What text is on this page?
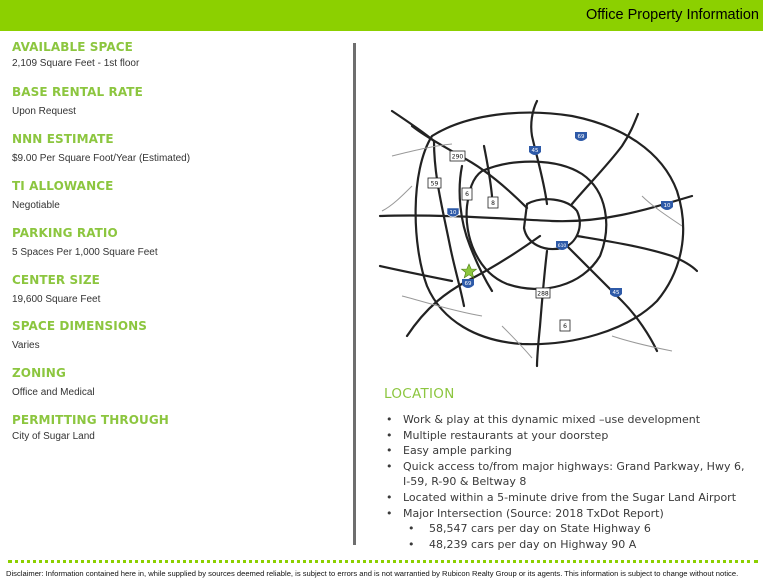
Office Property Information
AVAILABLE SPACE
2,109 Square Feet - 1st floor
BASE RENTAL RATE
Upon Request
NNN ESTIMATE
$9.00 Per Square Foot/Year (Estimated)
TI ALLOWANCE
Negotiable
PARKING RATIO
5 Spaces Per 1,000 Square Feet
CENTER SIZE
19,600 Square Feet
SPACE DIMENSIONS
Varies
ZONING
Office and Medical
PERMITTING THROUGH
City of Sugar Land
290
59
6
8
10
45
69
10
610
69
288	45
6
LOCATION
• Work & play at this dynamic mixed –use development
• Multiple restaurants at your doorstep
• Easy ample parking
• Quick access to/from major highways: Grand Parkway, Hwy 6, I-59, R-90 & Beltway 8
• Located within a 5-minute drive from the Sugar Land Airport
• Major Intersection (Source: 2018 TxDot Report)
• 58,547 cars per day on State Highway 6
• 48,239 cars per day on Highway 90 A
Disclaimer: Information contained here in, while supplied by sources deemed reliable, is subject to errors and is not warrantied by Rubicon Realty Group or its agents. This information is subject to change without notice.
